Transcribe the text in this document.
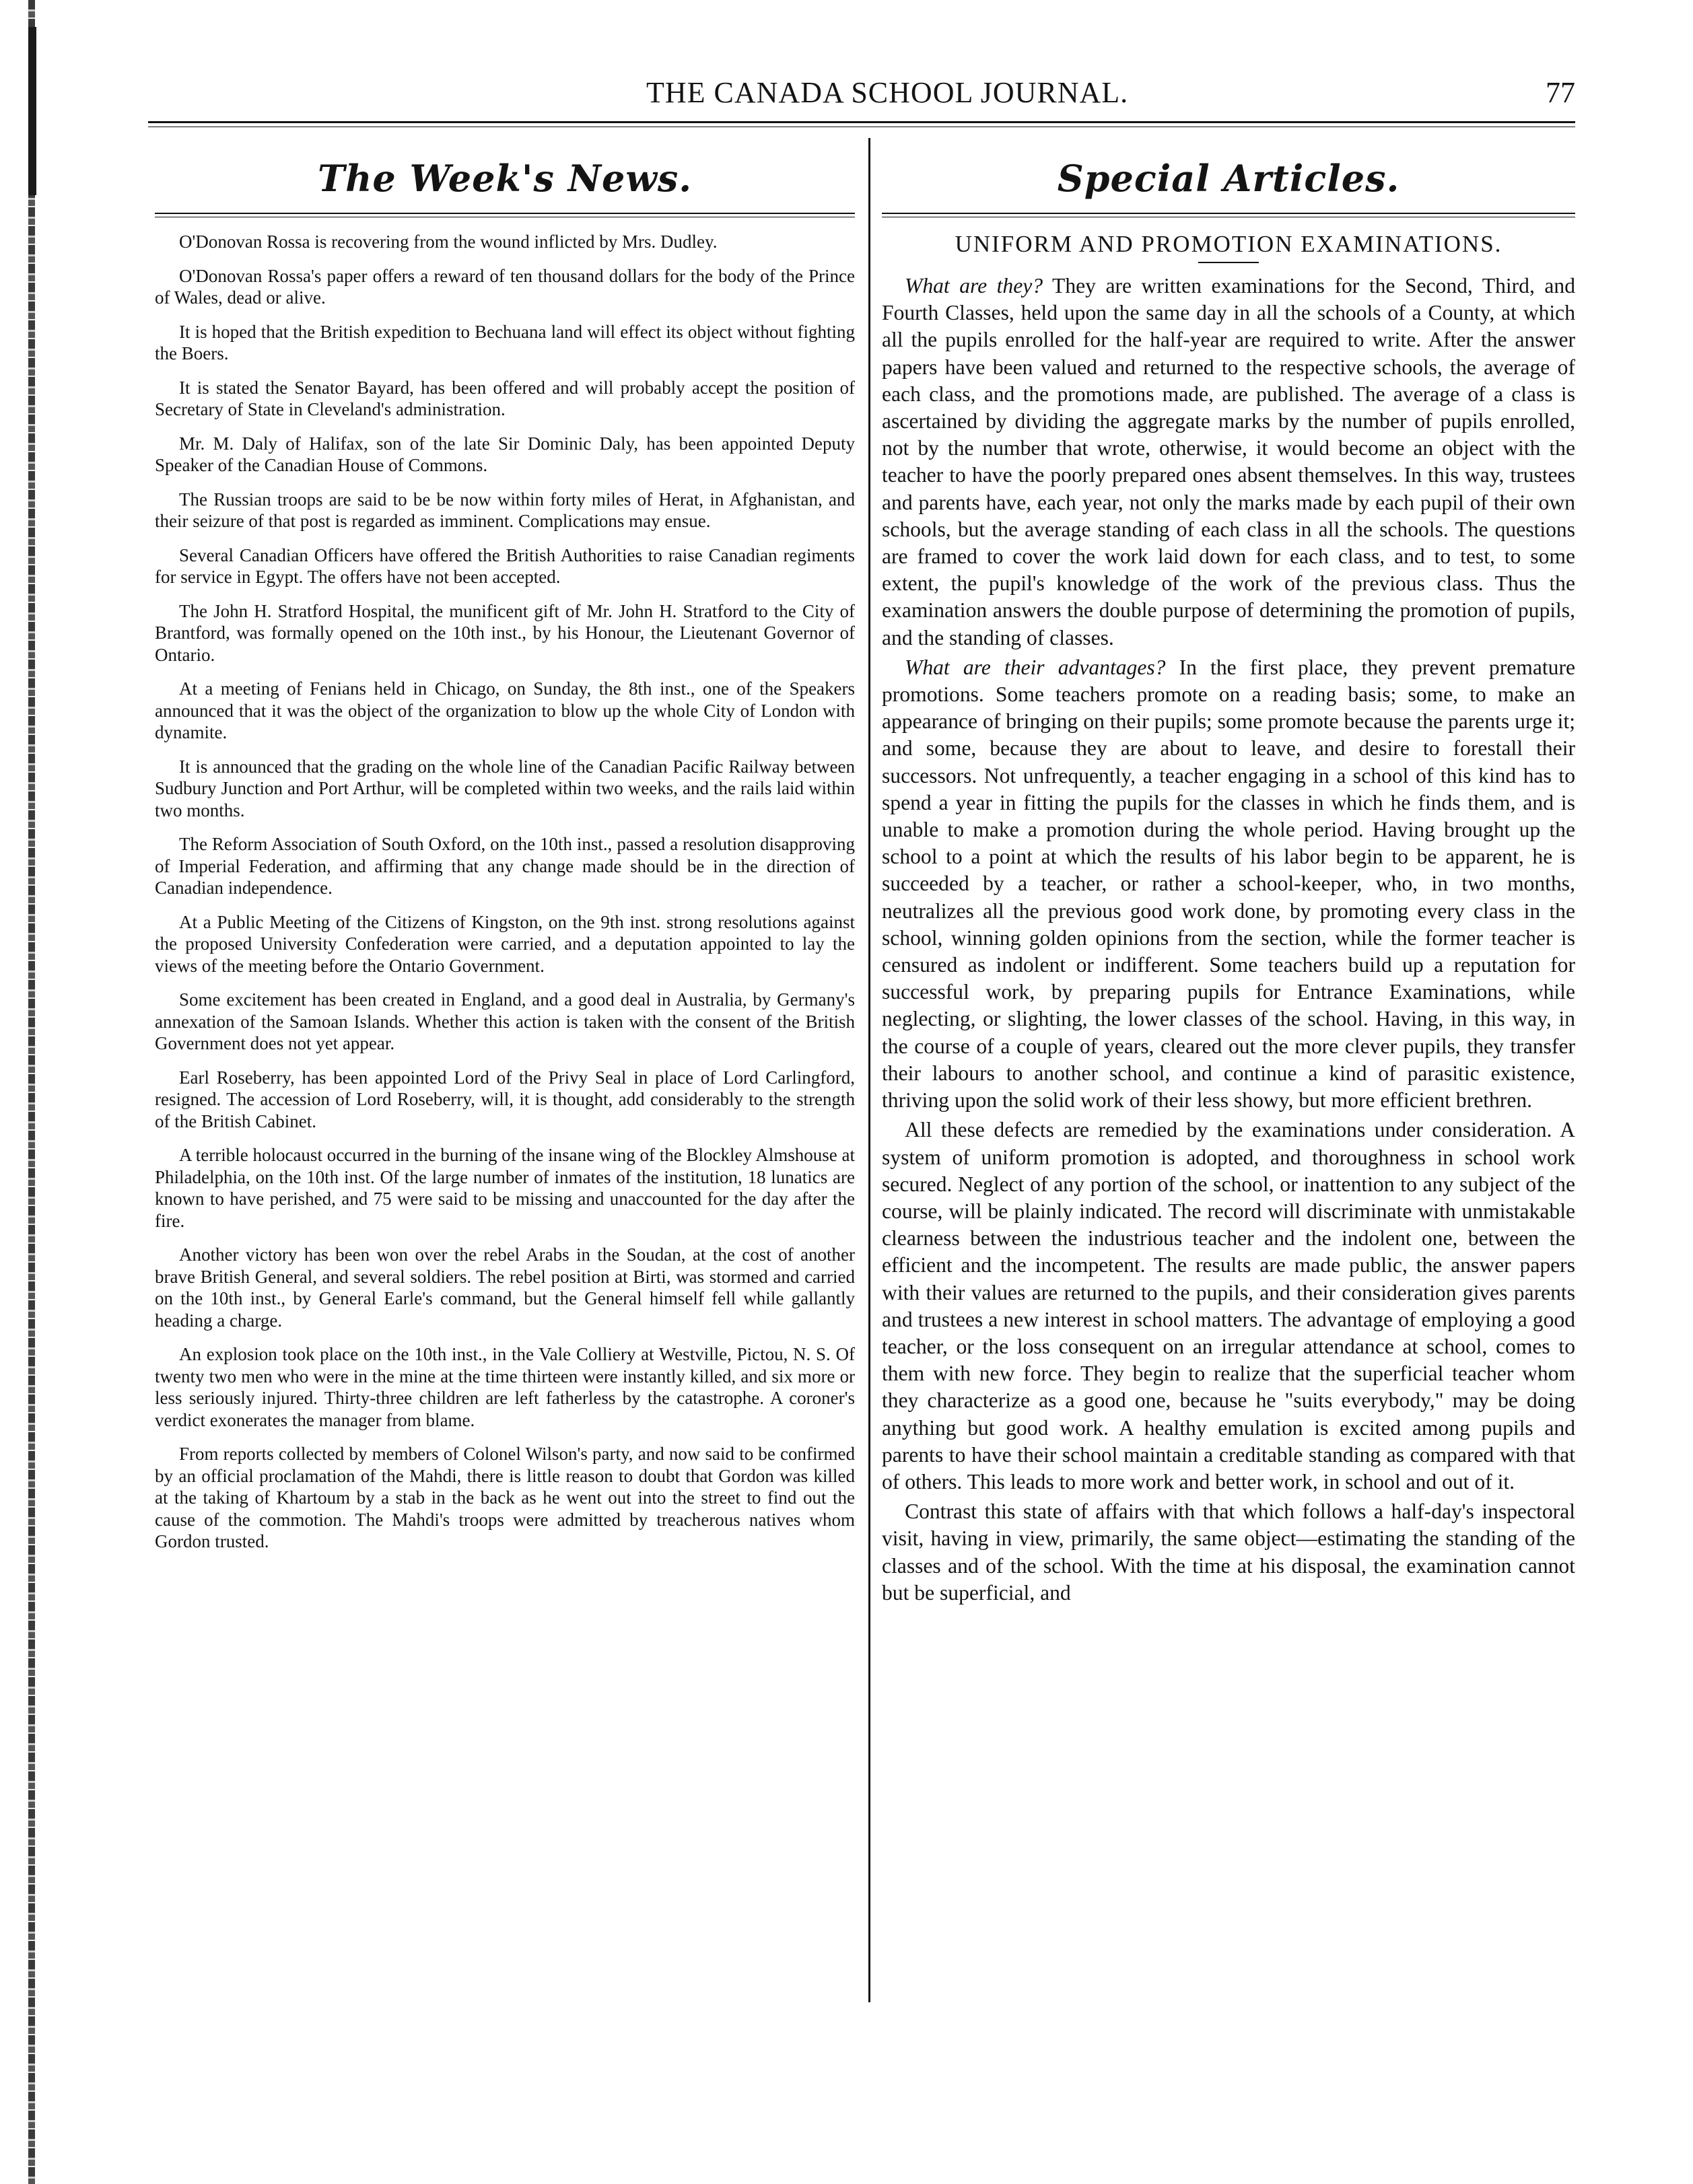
THE CANADA SCHOOL JOURNAL.	77
The Week's News.

O'Donovan Rossa is recovering from the wound inflicted by Mrs. Dudley.

O'Donovan Rossa's paper offers a reward of ten thousand dollars for the body of the Prince of Wales, dead or alive.

It is hoped that the British expedition to Bechuana land will effect its object without fighting the Boers.

It is stated the Senator Bayard, has been offered and will probably accept the position of Secretary of State in Cleveland's administration.

Mr. M. Daly of Halifax, son of the late Sir Dominic Daly, has been appointed Deputy Speaker of the Canadian House of Commons.

The Russian troops are said to be be now within forty miles of Herat, in Afghanistan, and their seizure of that post is regarded as imminent. Complications may ensue.

Several Canadian Officers have offered the British Authorities to raise Canadian regiments for service in Egypt. The offers have not been accepted.

The John H. Stratford Hospital, the munificent gift of Mr. John H. Stratford to the City of Brantford, was formally opened on the 10th inst., by his Honour, the Lieutenant Governor of Ontario.

At a meeting of Fenians held in Chicago, on Sunday, the 8th inst., one of the Speakers announced that it was the object of the organization to blow up the whole City of London with dynamite.

It is announced that the grading on the whole line of the Canadian Pacific Railway between Sudbury Junction and Port Arthur, will be completed within two weeks, and the rails laid within two months.

The Reform Association of South Oxford, on the 10th inst., passed a resolution disapproving of Imperial Federation, and affirming that any change made should be in the direction of Canadian independence.

At a Public Meeting of the Citizens of Kingston, on the 9th inst. strong resolutions against the proposed University Confederation were carried, and a deputation appointed to lay the views of the meeting before the Ontario Government.

Some excitement has been created in England, and a good deal in Australia, by Germany's annexation of the Samoan Islands. Whether this action is taken with the consent of the British Government does not yet appear.

Earl Roseberry, has been appointed Lord of the Privy Seal in place of Lord Carlingford, resigned. The accession of Lord Roseberry, will, it is thought, add considerably to the strength of the British Cabinet.

A terrible holocaust occurred in the burning of the insane wing of the Blockley Almshouse at Philadelphia, on the 10th inst. Of the large number of inmates of the institution, 18 lunatics are known to have perished, and 75 were said to be missing and unaccounted for the day after the fire.

Another victory has been won over the rebel Arabs in the Soudan, at the cost of another brave British General, and several soldiers. The rebel position at Birti, was stormed and carried on the 10th inst., by General Earle's command, but the General himself fell while gallantly heading a charge.

An explosion took place on the 10th inst., in the Vale Colliery at Westville, Pictou, N. S. Of twenty two men who were in the mine at the time thirteen were instantly killed, and six more or less seriously injured. Thirty-three children are left fatherless by the catastrophe. A coroner's verdict exonerates the manager from blame.

From reports collected by members of Colonel Wilson's party, and now said to be confirmed by an official proclamation of the Mahdi, there is little reason to doubt that Gordon was killed at the taking of Khartoum by a stab in the back as he went out into the street to find out the cause of the commotion. The Mahdi's troops were admitted by treacherous natives whom Gordon trusted.

Special Articles.
UNIFORM AND PROMOTION EXAMINATIONS.

What are they? They are written examinations for the Second, Third, and Fourth Classes, held upon the same day in all the schools of a County, at which all the pupils enrolled for the half-year are required to write. After the answer papers have been valued and returned to the respective schools, the average of each class, and the promotions made, are published. The average of a class is ascertained by dividing the aggregate marks by the number of pupils enrolled, not by the number that wrote, otherwise, it would become an object with the teacher to have the poorly prepared ones absent themselves. In this way, trustees and parents have, each year, not only the marks made by each pupil of their own schools, but the average standing of each class in all the schools. The questions are framed to cover the work laid down for each class, and to test, to some extent, the pupil's knowledge of the work of the previous class. Thus the examination answers the double purpose of determining the promotion of pupils, and the standing of classes.

What are their advantages? In the first place, they prevent premature promotions. Some teachers promote on a reading basis; some, to make an appearance of bringing on their pupils; some promote because the parents urge it; and some, because they are about to leave, and desire to forestall their successors. Not unfrequently, a teacher engaging in a school of this kind has to spend a year in fitting the pupils for the classes in which he finds them, and is unable to make a promotion during the whole period. Having brought up the school to a point at which the results of his labor begin to be apparent, he is succeeded by a teacher, or rather a school-keeper, who, in two months, neutralizes all the previous good work done, by promoting every class in the school, winning golden opinions from the section, while the former teacher is censured as indolent or indifferent. Some teachers build up a reputation for successful work, by preparing pupils for Entrance Examinations, while neglecting, or slighting, the lower classes of the school. Having, in this way, in the course of a couple of years, cleared out the more clever pupils, they transfer their labours to another school, and continue a kind of parasitic existence, thriving upon the solid work of their less showy, but more efficient brethren.

All these defects are remedied by the examinations under consideration. A system of uniform promotion is adopted, and thoroughness in school work secured. Neglect of any portion of the school, or inattention to any subject of the course, will be plainly indicated. The record will discriminate with unmistakable clearness between the industrious teacher and the indolent one, between the efficient and the incompetent. The results are made public, the answer papers with their values are returned to the pupils, and their consideration gives parents and trustees a new interest in school matters. The advantage of employing a good teacher, or the loss consequent on an irregular attendance at school, comes to them with new force. They begin to realize that the superficial teacher whom they characterize as a good one, because he "suits everybody," may be doing anything but good work. A healthy emulation is excited among pupils and parents to have their school maintain a creditable standing as compared with that of others. This leads to more work and better work, in school and out of it.

Contrast this state of affairs with that which follows a half-day's inspectoral visit, having in view, primarily, the same object—estimating the standing of the classes and of the school. With the time at his disposal, the examination cannot but be superficial, and
